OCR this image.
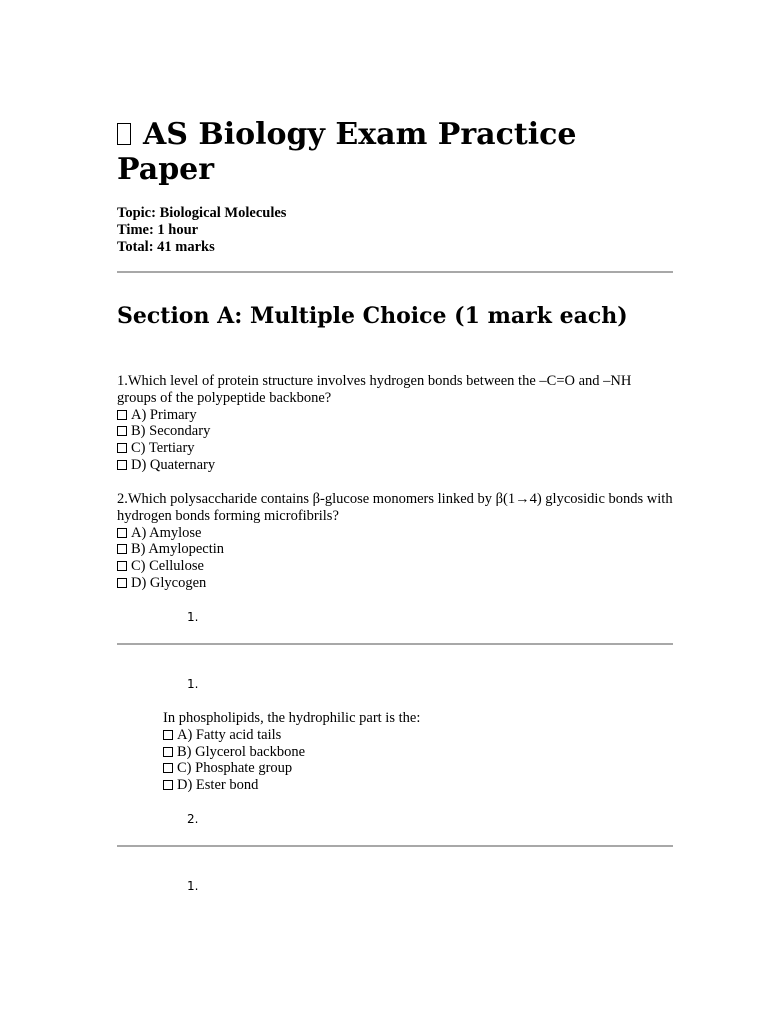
AS Biology Exam Practice Paper
Topic: Biological Molecules
Time: 1 hour
Total: 41 marks
Section A: Multiple Choice (1 mark each)
1.Which level of protein structure involves hydrogen bonds between the –C=O and –NH groups of the polypeptide backbone?
A) Primary
B) Secondary
C) Tertiary
D) Quaternary
2.Which polysaccharide contains β-glucose monomers linked by β(1→4) glycosidic bonds with hydrogen bonds forming microfibrils?
A) Amylose
B) Amylopectin
C) Cellulose
D) Glycogen
1.
1.
In phospholipids, the hydrophilic part is the:
A) Fatty acid tails
B) Glycerol backbone
C) Phosphate group
D) Ester bond
2.
1.
